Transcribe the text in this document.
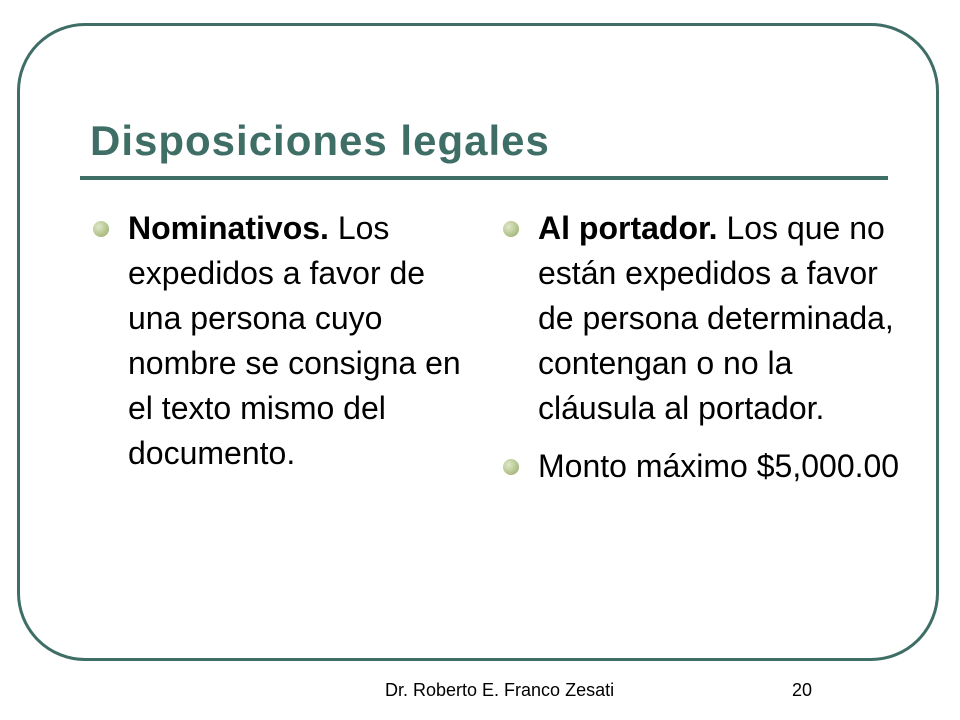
Disposiciones legales
Nominativos. Los expedidos a favor de una persona cuyo nombre se consigna en el texto mismo del documento.
Al portador. Los que no están expedidos a favor de persona determinada, contengan o no la cláusula al portador.
Monto máximo $5,000.00
Dr. Roberto E. Franco Zesati	20
